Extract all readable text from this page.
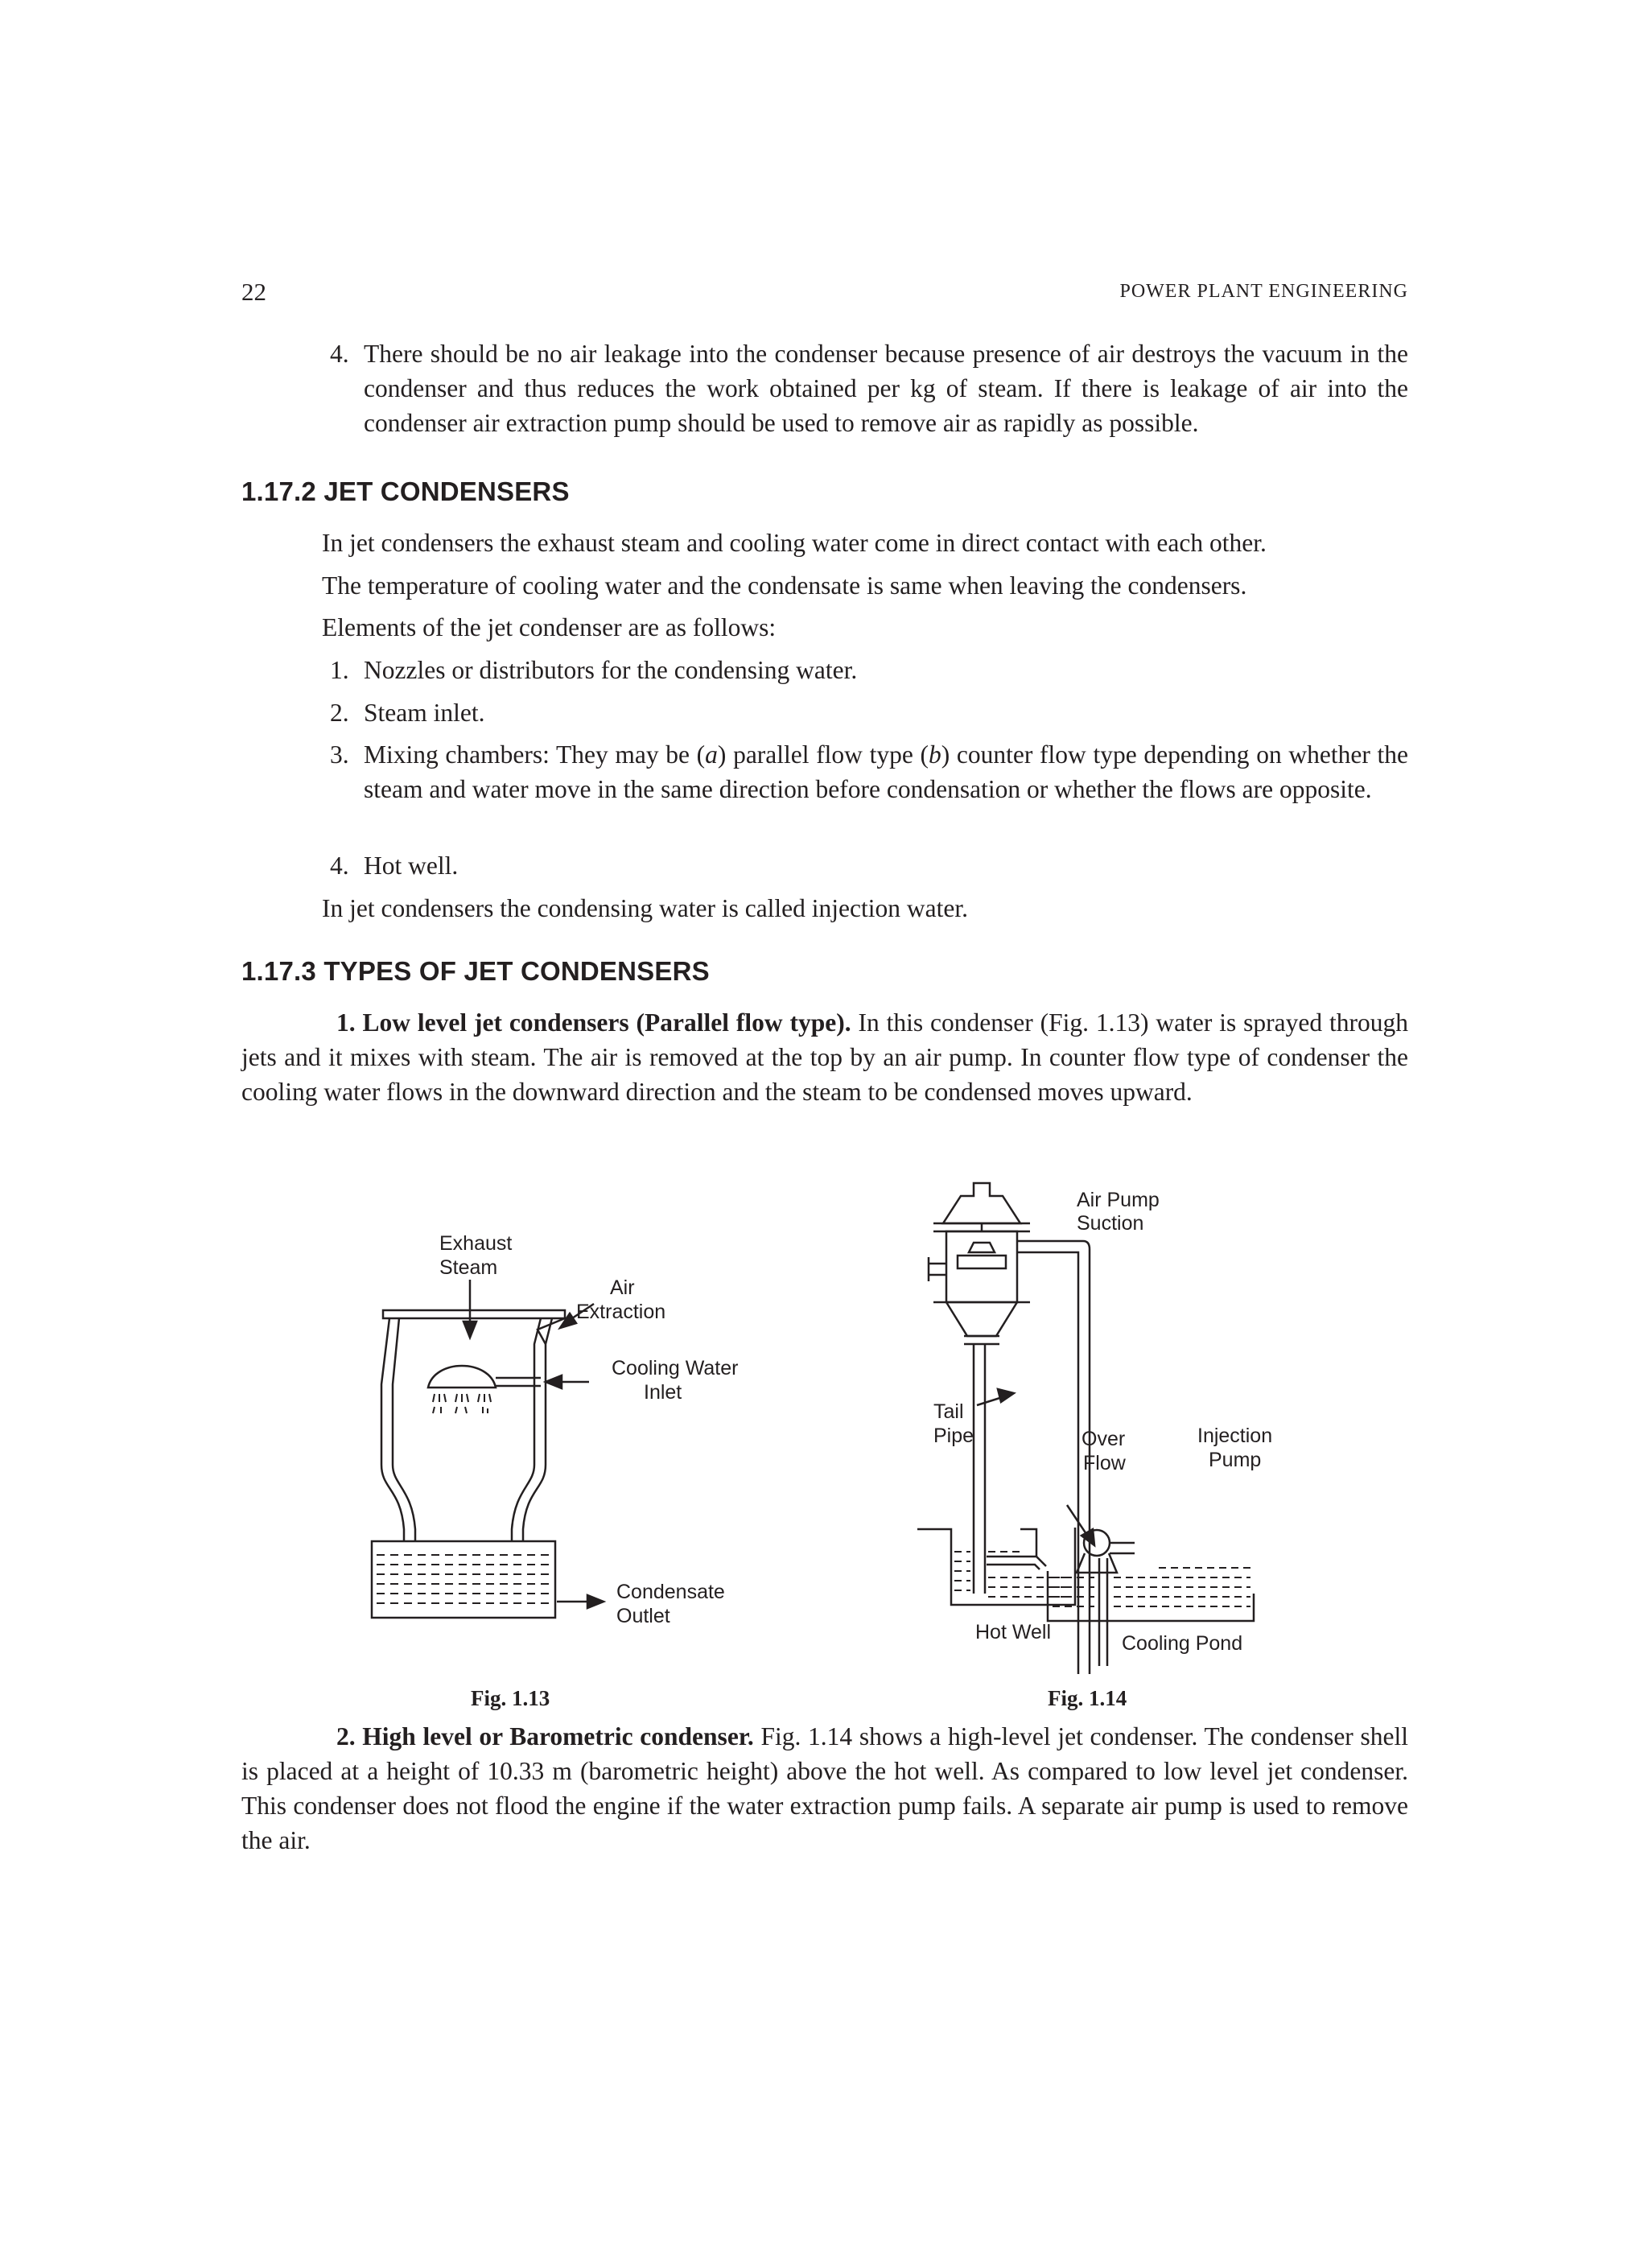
22	POWER PLANT ENGINEERING
4. There should be no air leakage into the condenser because presence of air destroys the vacuum in the condenser and thus reduces the work obtained per kg of steam. If there is leakage of air into the condenser air extraction pump should be used to remove air as rapidly as possible.
1.17.2 JET CONDENSERS
In jet condensers the exhaust steam and cooling water come in direct contact with each other.
The temperature of cooling water and the condensate is same when leaving the condensers.
Elements of the jet condenser are as follows:
1. Nozzles or distributors for the condensing water.
2. Steam inlet.
3. Mixing chambers: They may be (a) parallel flow type (b) counter flow type depending on whether the steam and water move in the same direction before condensation or whether the flows are opposite.
4. Hot well.
In jet condensers the condensing water is called injection water.
1.17.3 TYPES OF JET CONDENSERS
1. Low level jet condensers (Parallel flow type). In this condenser (Fig. 1.13) water is sprayed through jets and it mixes with steam. The air is removed at the top by an air pump. In counter flow type of condenser the cooling water flows in the downward direction and the steam to be condensed moves upward.
Exhaust
Steam
Air
Extraction
Cooling Water
Inlet
Condensate
Outlet
Fig. 1.13
Air Pump
Suction
Tail
Pipe	Over
Flow
Injection
Pump
Hot Well	Cooling Pond
Fig. 1.14
2. High level or Barometric condenser. Fig. 1.14 shows a high-level jet condenser. The condenser shell is placed at a height of 10.33 m (barometric height) above the hot well. As compared to low level jet condenser. This condenser does not flood the engine if the water extraction pump fails. A separate air pump is used to remove the air.
